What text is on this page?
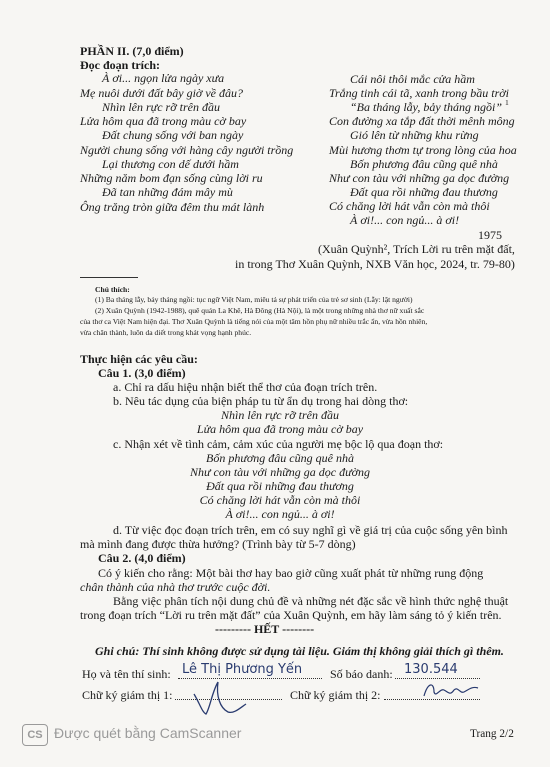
PHẦN II. (7,0 điểm)
Đọc đoạn trích:
À ơi... ngọn lửa ngày xưa
Mẹ nuôi dưới đất bây giờ về đâu?
Nhìn lên rực rỡ trên đầu
Lửa hôm qua đã trong màu cờ bay
Đất chung sống với ban ngày
Người chung sống với hàng cây người trồng
Lại thương con dế dưới hầm
Những năm bom đạn sống cùng lời ru
Đã tan những đám mây mù
Ông trăng tròn giữa đêm thu mát lành
Cái nôi thôi mắc cửa hầm
Trắng tinh cái tã, xanh trong bầu trời
“Ba tháng lẫy, bảy tháng ngồi” 1
Con đường xa tắp đất thời mênh mông
Gió lên từ những khu rừng
Mùi hương thơm tự trong lòng của hoa
Bốn phương đâu cũng quê nhà
Như con tàu với những ga dọc đường
Đất qua rồi những đau thương
Có chăng lời hát vẫn còn mà thôi
À ơi!... con ngủ... à ơi!
1975
(Xuân Quỳnh², Trích Lời ru trên mặt đất,
in trong Thơ Xuân Quỳnh, NXB Văn học, 2024, tr. 79-80)
Chú thích:
(1) Ba tháng lẫy, bảy tháng ngồi: tục ngữ Việt Nam, miêu tả sự phát triển của trẻ sơ sinh (Lẫy: lật người)
(2) Xuân Quỳnh (1942-1988), quê quán La Khê, Hà Đông (Hà Nội), là một trong những nhà thơ nữ xuất sắc
của thơ ca Việt Nam hiện đại. Thơ Xuân Quỳnh là tiếng nói của một tâm hồn phụ nữ nhiều trắc ẩn, vừa hồn nhiên,
vừa chân thành, luôn da diết trong khát vọng hạnh phúc.
Thực hiện các yêu cầu:
Câu 1. (3,0 điểm)
a. Chỉ ra dấu hiệu nhận biết thể thơ của đoạn trích trên.
b. Nêu tác dụng của biện pháp tu từ ẩn dụ trong hai dòng thơ:
Nhìn lên rực rỡ trên đầu
Lửa hôm qua đã trong màu cờ bay
c. Nhận xét về tình cảm, cảm xúc của người mẹ bộc lộ qua đoạn thơ:
Bốn phương đâu cũng quê nhà
Như con tàu với những ga dọc đường
Đất qua rồi những đau thương
Có chăng lời hát vẫn còn mà thôi
À ơi!... con ngủ... à ơi!
d. Từ việc đọc đoạn trích trên, em có suy nghĩ gì về giá trị của cuộc sống yên bình
mà mình đang được thừa hưởng? (Trình bày từ 5-7 dòng)
Câu 2. (4,0 điểm)
Có ý kiến cho rằng: Một bài thơ hay bao giờ cũng xuất phát từ những rung động
chân thành của nhà thơ trước cuộc đời.
Bằng việc phân tích nội dung chủ đề và những nét đặc sắc về hình thức nghệ thuật
trong đoạn trích “Lời ru trên mặt đất” của Xuân Quỳnh, em hãy làm sáng tỏ ý kiến trên.
--------- HẾT --------
Ghi chú: Thí sinh không được sử dụng tài liệu. Giám thị không giải thích gì thêm.
Họ và tên thí sinh: Lê Thị Phương Yến Số báo danh: 130.544
Chữ ký giám thị 1:	Chữ ký giám thị 2:
CS Được quét bằng CamScanner	Trang 2/2
